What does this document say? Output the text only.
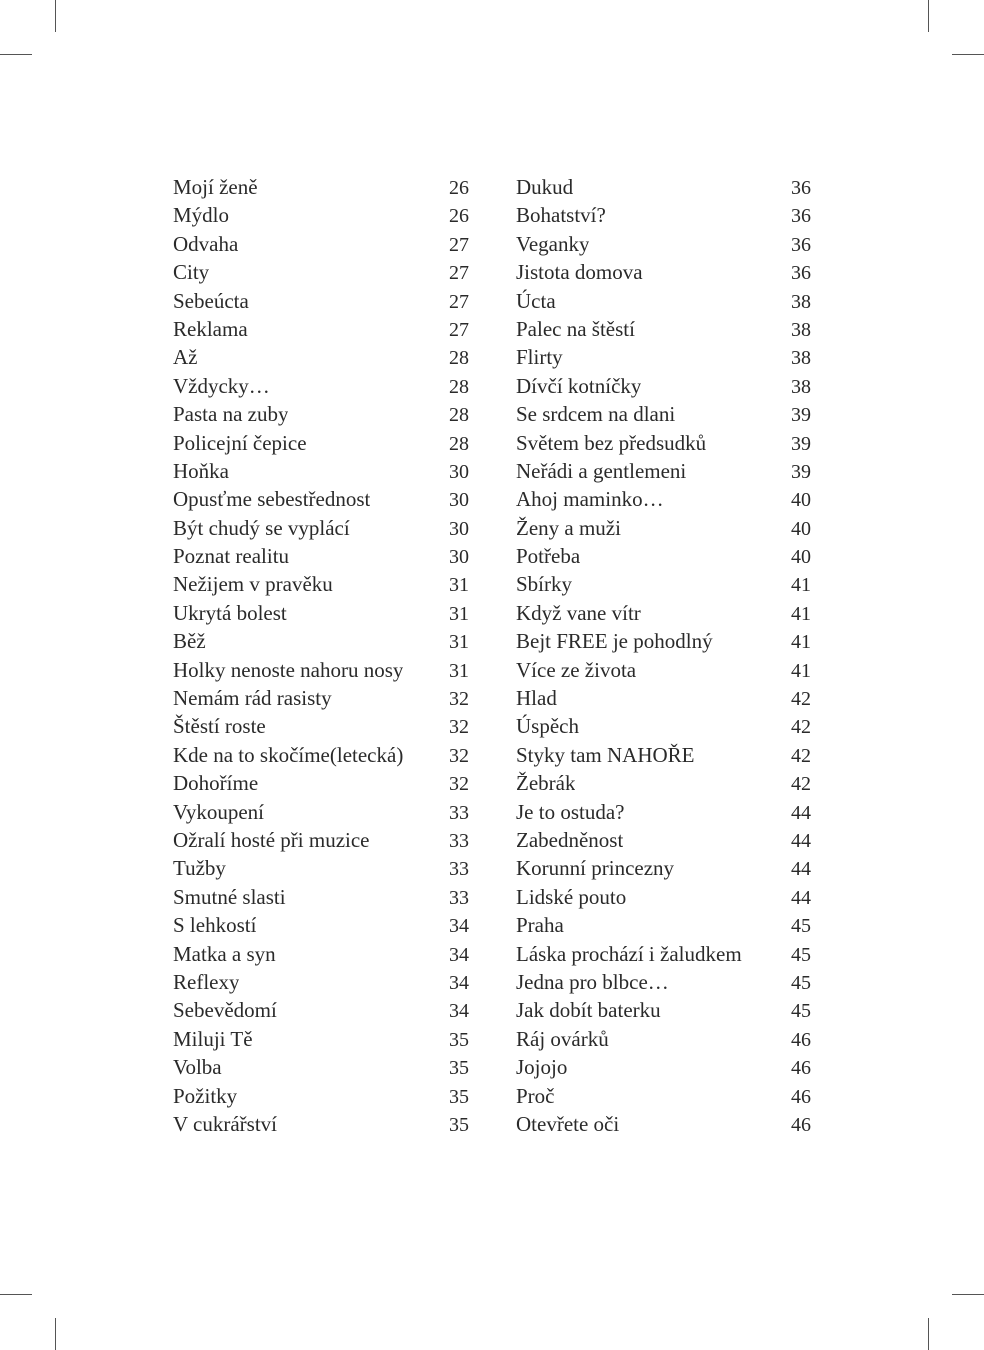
Mojí ženě	26
Mýdlo	26
Odvaha	27
City	27
Sebeúcta	27
Reklama	27
Až	28
Vždycky…	28
Pasta na zuby	28
Policejní čepice	28
Hoňka	30
Opusťme sebestřednost	30
Být chudý se vyplácí	30
Poznat realitu	30
Nežijem v pravěku	31
Ukrytá bolest	31
Běž	31
Holky nenoste nahoru nosy 31
Nemám rád rasisty	32
Štěstí roste	32
Kde na to skočíme(letecká) 32
Dohoříme	32
Vykoupení	33
Ožralí hosté při muzice	33
Tužby	33
Smutné slasti	33
S lehkostí	34
Matka a syn	34
Reflexy	34
Sebevědomí	34
Miluji Tě	35
Volba	35
Požitky	35
V cukrářství	35
Dukud	36
Bohatství?	36
Veganky	36
Jistota domova	36
Úcta	38
Palec na štěstí	38
Flirty	38
Dívčí kotníčky	38
Se srdcem na dlani	39
Světem bez předsudků	39
Neřádi a gentlemeni	39
Ahoj maminko…	40
Ženy a muži	40
Potřeba	40
Sbírky	41
Když vane vítr	41
Bejt FREE je pohodlný	41
Více ze života	41
Hlad	42
Úspěch	42
Styky tam NAHOŘE	42
Žebrák	42
Je to ostuda?	44
Zabedněnost	44
Korunní princezny	44
Lidské pouto	44
Praha	45
Láska prochází i žaludkem 45
Jedna pro blbce…	45
Jak dobít baterku	45
Ráj ovárků	46
Jojojo	46
Proč	46
Otevřete oči	46
